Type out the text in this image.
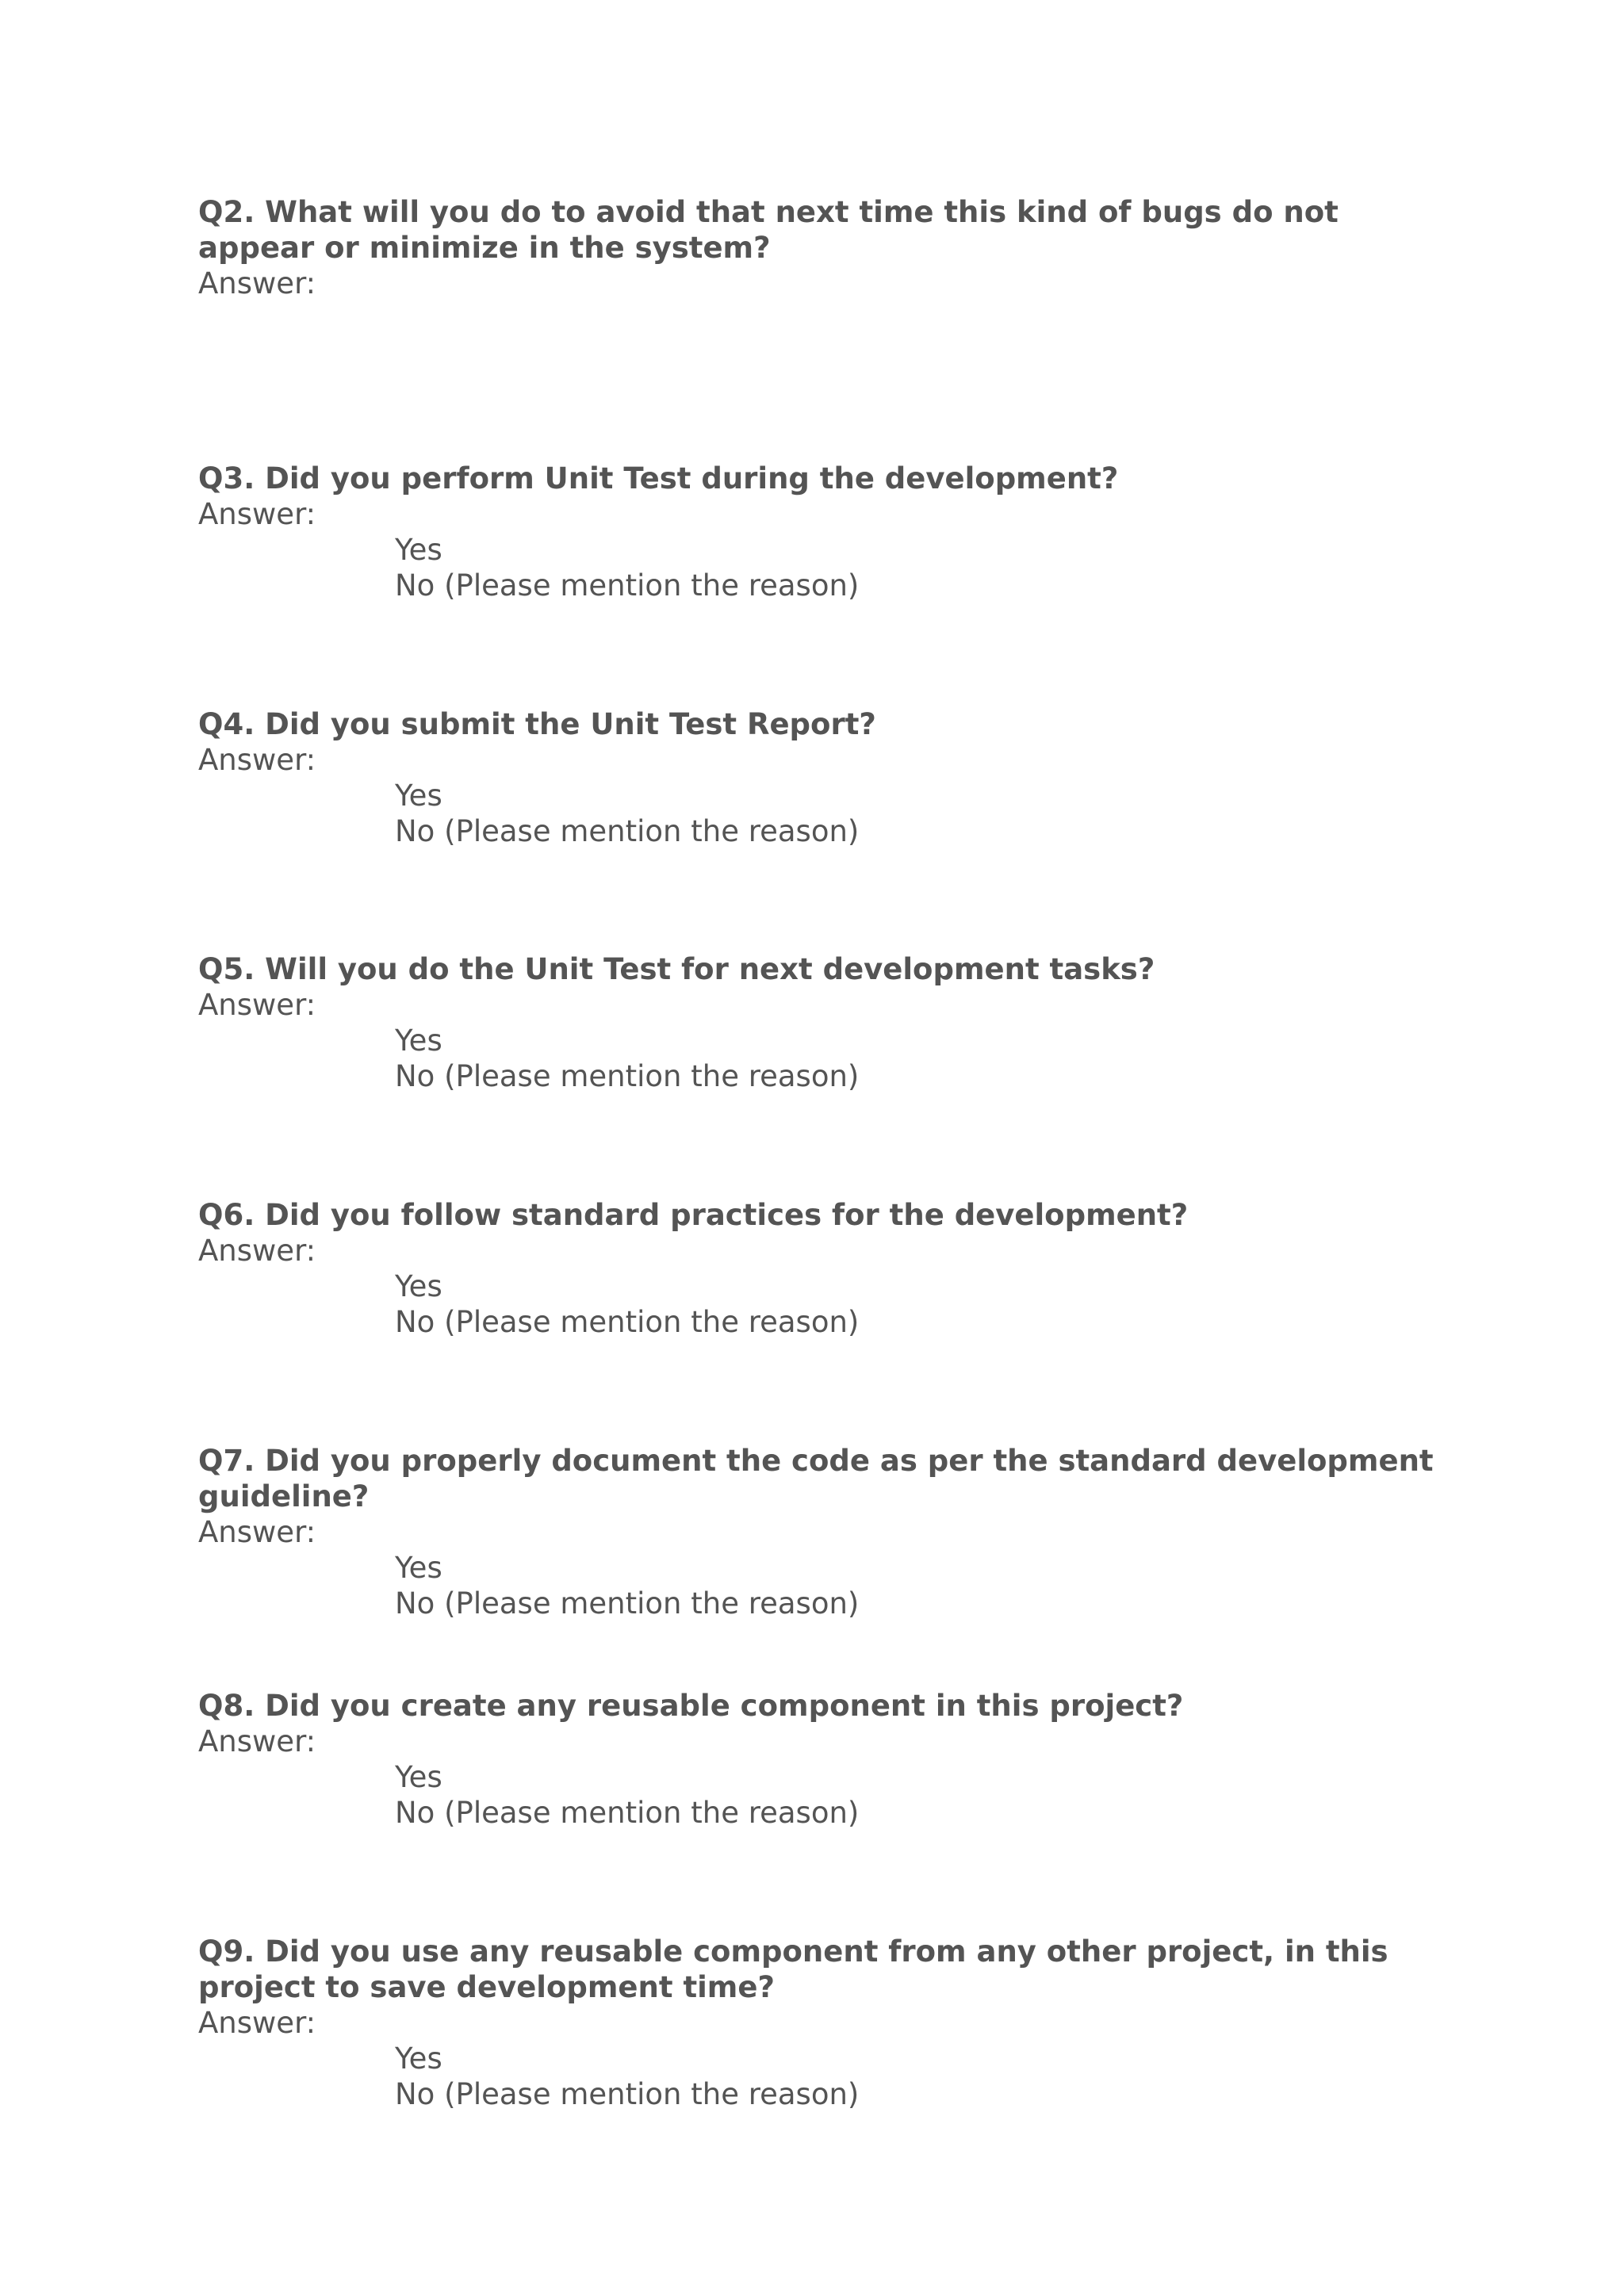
Q2. What will you do to avoid that next time this kind of bugs do not appear or minimize in the system?

Answer:

Q3. Did you perform Unit Test during the development?

Answer:

Yes

No (Please mention the reason)

Q4. Did you submit the Unit Test Report?

Answer:

Yes

No (Please mention the reason)

Q5. Will you do the Unit Test for next development tasks?

Answer:

Yes

No (Please mention the reason)

Q6. Did you follow standard practices for the development?

Answer:

Yes

No (Please mention the reason)

Q7. Did you properly document the code as per the standard development guideline?

Answer:

Yes

No (Please mention the reason)

Q8. Did you create any reusable component in this project?

Answer:

Yes

No (Please mention the reason)

Q9. Did you use any reusable component from any other project, in this project to save development time?

Answer:

Yes

No (Please mention the reason)
